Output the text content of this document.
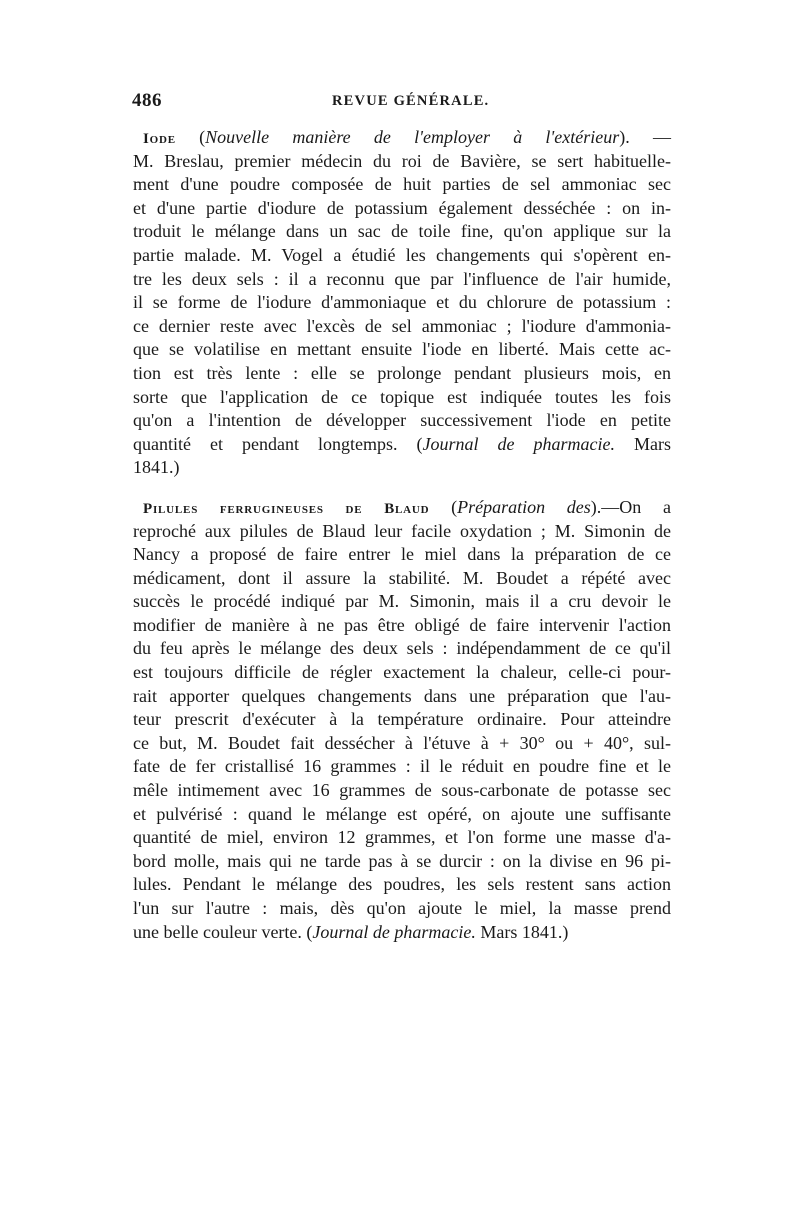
486	REVUE GÉNÉRALE.
Iode (Nouvelle manière de l'employer à l'extérieur). —
M. Breslau, premier médecin du roi de Bavière, se sert habituelle-
ment d'une poudre composée de huit parties de sel ammoniac sec
et d'une partie d'iodure de potassium également desséchée : on in-
troduit le mélange dans un sac de toile fine, qu'on applique sur la
partie malade. M. Vogel a étudié les changements qui s'opèrent en-
tre les deux sels : il a reconnu que par l'influence de l'air humide,
il se forme de l'iodure d'ammoniaque et du chlorure de potassium :
ce dernier reste avec l'excès de sel ammoniac ; l'iodure d'ammonia-
que se volatilise en mettant ensuite l'iode en liberté. Mais cette ac-
tion est très lente : elle se prolonge pendant plusieurs mois, en
sorte que l'application de ce topique est indiquée toutes les fois
qu'on a l'intention de développer successivement l'iode en petite
quantité et pendant longtemps. (Journal de pharmacie. Mars
1841.)
Pilules ferrugineuses de Blaud (Préparation des).—On a
reproché aux pilules de Blaud leur facile oxydation ; M. Simonin de
Nancy a proposé de faire entrer le miel dans la préparation de ce
médicament, dont il assure la stabilité. M. Boudet a répété avec
succès le procédé indiqué par M. Simonin, mais il a cru devoir le
modifier de manière à ne pas être obligé de faire intervenir l'action
du feu après le mélange des deux sels : indépendamment de ce qu'il
est toujours difficile de régler exactement la chaleur, celle-ci pour-
rait apporter quelques changements dans une préparation que l'au-
teur prescrit d'exécuter à la température ordinaire. Pour atteindre
ce but, M. Boudet fait dessécher à l'étuve à + 30° ou + 40°, sul-
fate de fer cristallisé 16 grammes : il le réduit en poudre fine et le
mêle intimement avec 16 grammes de sous-carbonate de potasse sec
et pulvérisé : quand le mélange est opéré, on ajoute une suffisante
quantité de miel, environ 12 grammes, et l'on forme une masse d'a-
bord molle, mais qui ne tarde pas à se durcir : on la divise en 96 pi-
lules. Pendant le mélange des poudres, les sels restent sans action
l'un sur l'autre : mais, dès qu'on ajoute le miel, la masse prend
une belle couleur verte. (Journal de pharmacie. Mars 1841.)
